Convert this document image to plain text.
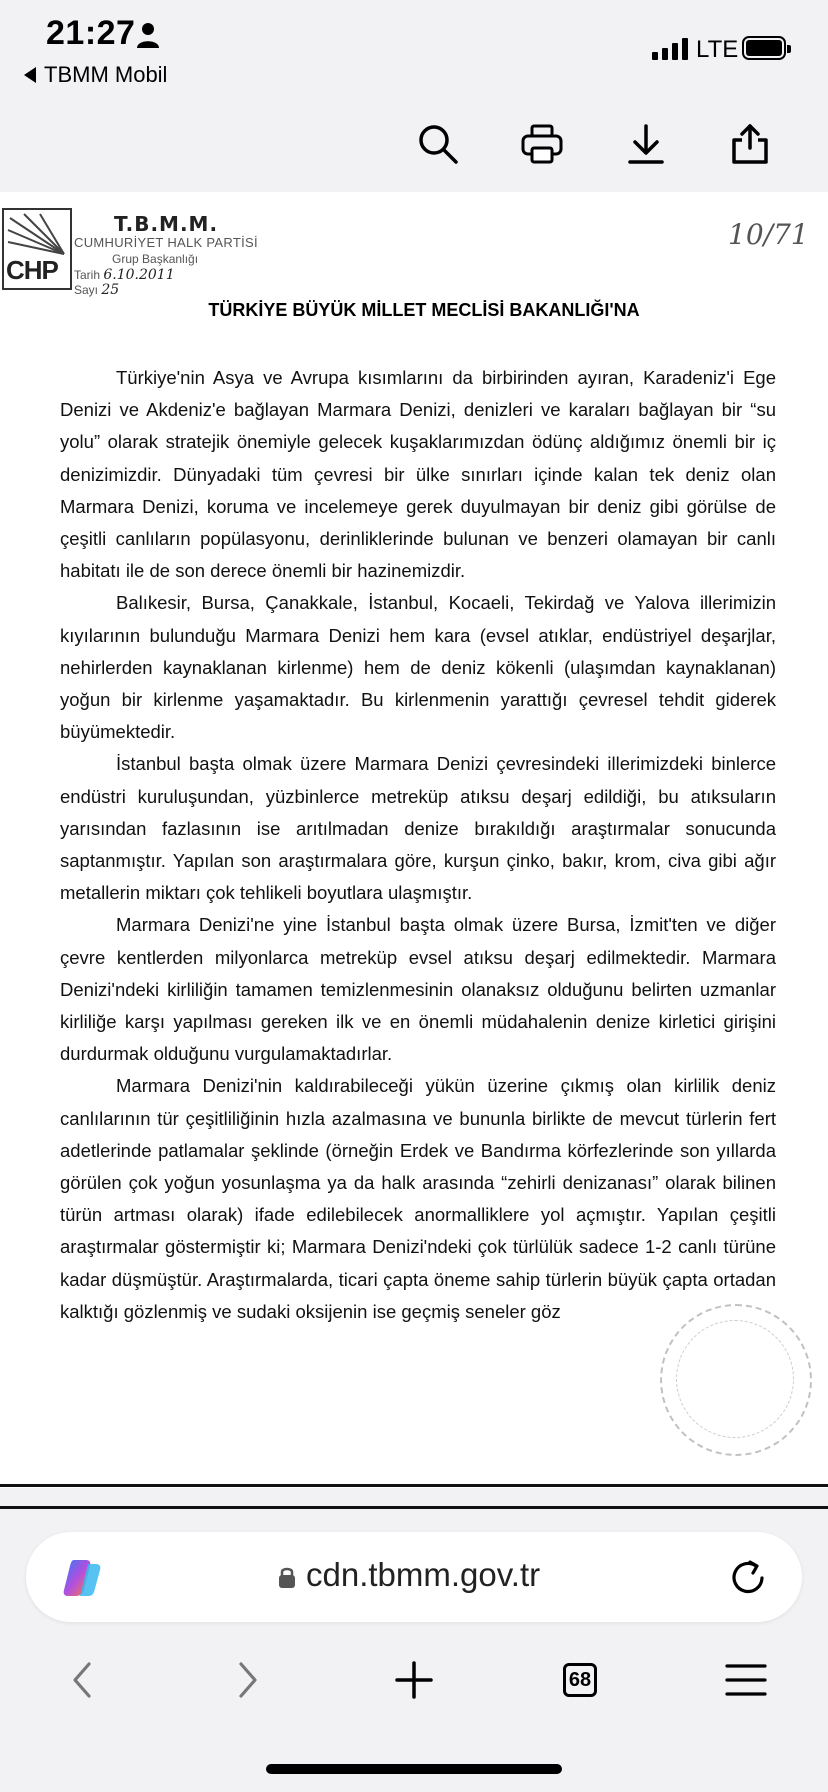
21:27
TBMM Mobil
LTE
CHP
T.B.M.M.
CUMHURİYET HALK PARTİSİ
Grup Başkanlığı
Tarih 6.10.2011
Sayı 25
10/71
TÜRKİYE BÜYÜK MİLLET MECLİSİ BAKANLIĞI'NA

Türkiye'nin Asya ve Avrupa kısımlarını da birbirinden ayıran, Karadeniz'i Ege Denizi ve Akdeniz'e bağlayan Marmara Denizi, denizleri ve karaları bağlayan bir “su yolu” olarak stratejik önemiyle gelecek kuşaklarımızdan ödünç aldığımız önemli bir iç denizimizdir. Dünyadaki tüm çevresi bir ülke sınırları içinde kalan tek deniz olan Marmara Denizi, koruma ve incelemeye gerek duyulmayan bir deniz gibi görülse de çeşitli canlıların popülasyonu, derinliklerinde bulunan ve benzeri olamayan bir canlı habitatı ile de son derece önemli bir hazinemizdir.

Balıkesir, Bursa, Çanakkale, İstanbul, Kocaeli, Tekirdağ ve Yalova illerimizin kıyılarının bulunduğu Marmara Denizi hem kara (evsel atıklar, endüstriyel deşarjlar, nehirlerden kaynaklanan kirlenme) hem de deniz kökenli (ulaşımdan kaynaklanan) yoğun bir kirlenme yaşamaktadır. Bu kirlenmenin yarattığı çevresel tehdit giderek büyümektedir.

İstanbul başta olmak üzere Marmara Denizi çevresindeki illerimizdeki binlerce endüstri kuruluşundan, yüzbinlerce metreküp atıksu deşarj edildiği, bu atıksuların yarısından fazlasının ise arıtılmadan denize bırakıldığı araştırmalar sonucunda saptanmıştır. Yapılan son araştırmalara göre, kurşun çinko, bakır, krom, civa gibi ağır metallerin miktarı çok tehlikeli boyutlara ulaşmıştır.

Marmara Denizi'ne yine İstanbul başta olmak üzere Bursa, İzmit'ten ve diğer çevre kentlerden milyonlarca metreküp evsel atıksu deşarj edilmektedir. Marmara Denizi'ndeki kirliliğin tamamen temizlenmesinin olanaksız olduğunu belirten uzmanlar kirliliğe karşı yapılması gereken ilk ve en önemli müdahalenin denize kirletici girişini durdurmak olduğunu vurgulamaktadırlar.

Marmara Denizi'nin kaldırabileceği yükün üzerine çıkmış olan kirlilik deniz canlılarının tür çeşitliliğinin hızla azalmasına ve bununla birlikte de mevcut türlerin fert adetlerinde patlamalar şeklinde (örneğin Erdek ve Bandırma körfezlerinde son yıllarda görülen çok yoğun yosunlaşma ya da halk arasında “zehirli denizanası” olarak bilinen türün artması olarak) ifade edilebilecek anormalliklere yol açmıştır. Yapılan çeşitli araştırmalar göstermiştir ki; Marmara Denizi'ndeki çok türlülük sadece 1-2 canlı türüne kadar düşmüştür. Araştırmalarda, ticari çapta öneme sahip türlerin büyük çapta ortadan kalktığı gözlenmiş ve sudaki oksijenin ise geçmiş seneler göz

cdn.tbmm.gov.tr
68
